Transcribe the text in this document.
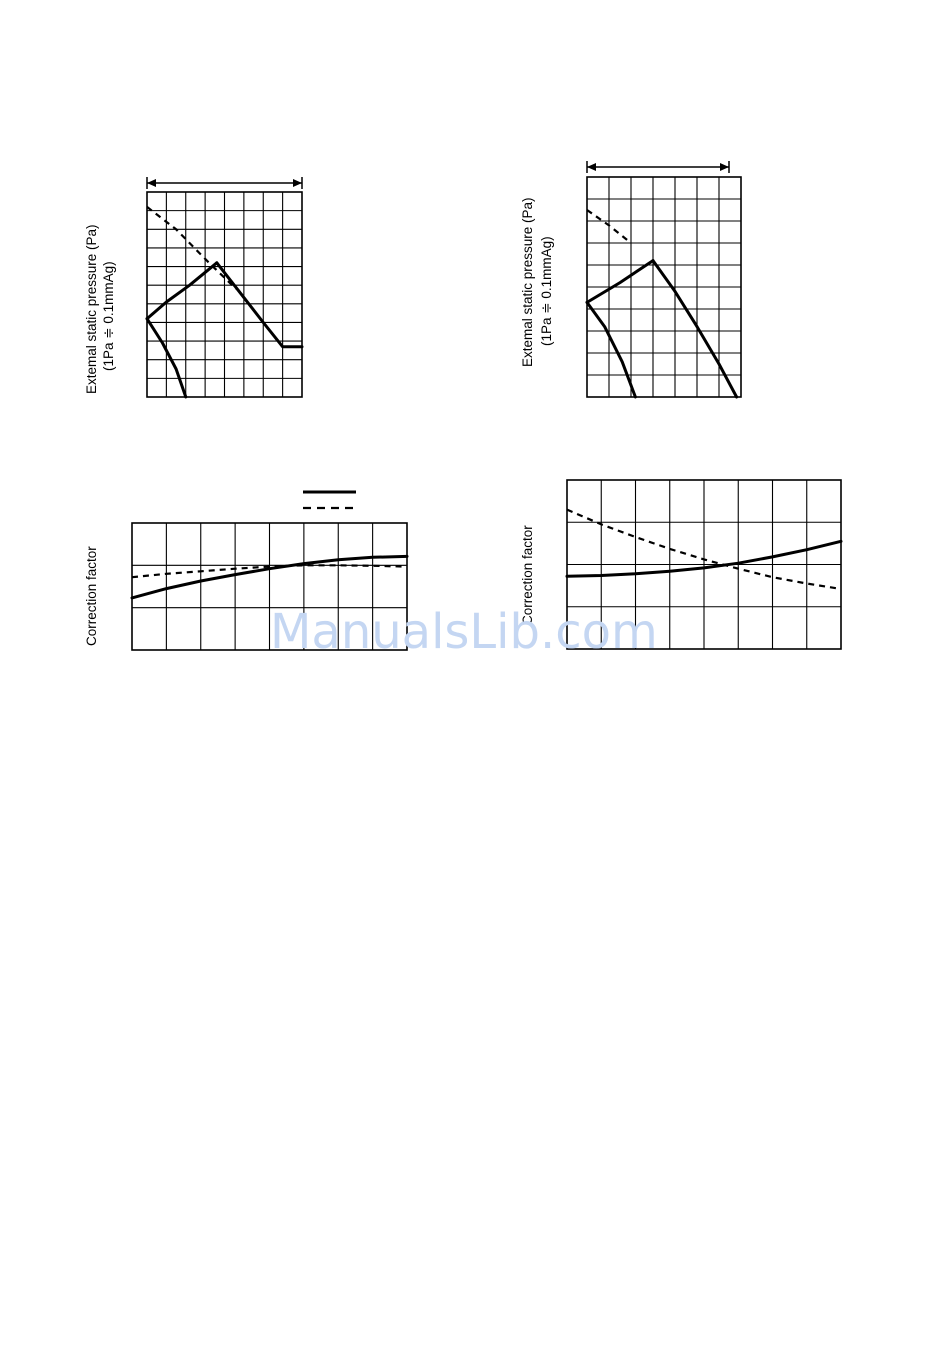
Extemal static pressure (Pa) (1Pa ≑ 0.1mmAg)	Extemal static pressure (Pa) (1Pa ≑ 0.1mmAg)
Correction factor	Correction factor
ManualsLib.com
